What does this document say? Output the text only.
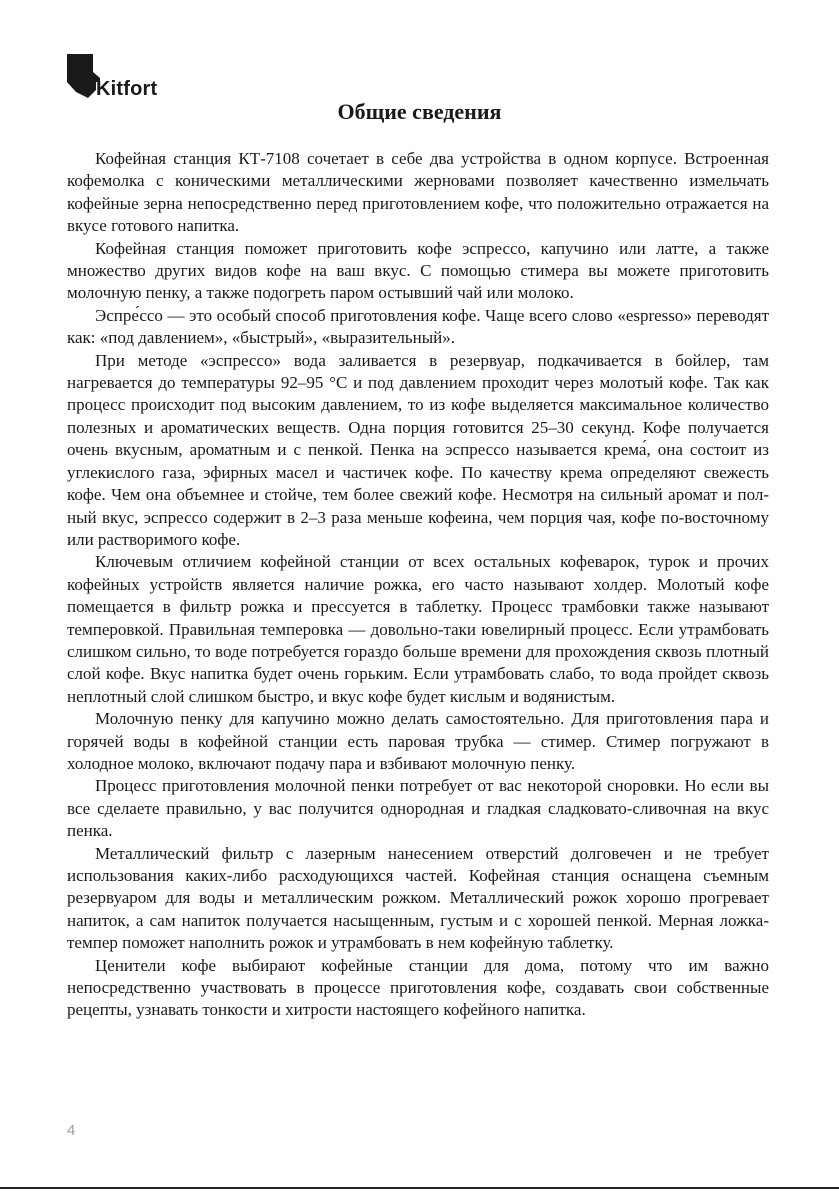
Kitfort
Общие сведения

Кофейная станция КТ-7108 сочетает в себе два устройства в одном корпусе. Встроенная кофемолка с коническими металлическими жерновами позволяет качественно измельчать кофейные зерна непосредственно перед приготовлением кофе, что положительно отражается на вкусе готового напитка.

Кофейная станция поможет приготовить кофе эспрессо, капучино или латте, а также множество других видов кофе на ваш вкус. С помощью стимера вы можете приготовить молочную пенку, а также подогреть паром остывший чай или молоко.

Эспре́ссо — это особый способ приготовления кофе. Чаще всего слово «espresso» переводят как: «под давлением», «быстрый», «выразительный».

При методе «эспрессо» вода заливается в резервуар, подкачивается в бойлер, там нагревается до температуры 92–95 °C и под давлением проходит через молотый кофе. Так как процесс происходит под высоким давлением, то из кофе выделяется максимальное количество полезных и ароматических веществ. Одна порция готовится 25–30 секунд. Кофе получается очень вкусным, ароматным и с пенкой. Пенка на эспрессо называется крема́, она состоит из углекислого газа, эфирных масел и частичек кофе. По качеству крема определяют свежесть кофе. Чем она объемнее и стойче, тем более свежий кофе. Несмотря на сильный аромат и полный вкус, эспрессо содержит в 2–3 раза меньше кофеина, чем порция чая, кофе по-восточному или растворимого кофе.

Ключевым отличием кофейной станции от всех остальных кофеварок, турок и прочих кофейных устройств является наличие рожка, его часто называют холдер. Молотый кофе помещается в фильтр рожка и прессуется в таблетку. Процесс трамбовки также называют темперовкой. Правильная темперовка — довольно-таки ювелирный процесс. Если утрамбовать слишком сильно, то воде потребуется гораздо больше времени для прохождения сквозь плотный слой кофе. Вкус напитка будет очень горьким. Если утрамбовать слабо, то вода пройдет сквозь неплотный слой слишком быстро, и вкус кофе будет кислым и водянистым.

Молочную пенку для капучино можно делать самостоятельно. Для приготовления пара и горячей воды в кофейной станции есть паровая трубка — стимер. Стимер погружают в холодное молоко, включают подачу пара и взбивают молочную пенку.

Процесс приготовления молочной пенки потребует от вас некоторой сноровки. Но если вы все сделаете правильно, у вас получится однородная и гладкая сладковато-сливочная на вкус пенка.

Металлический фильтр с лазерным нанесением отверстий долговечен и не требует использования каких-либо расходующихся частей. Кофейная станция оснащена съемным резервуаром для воды и металлическим рожком. Металлический рожок хорошо прогревает напиток, а сам напиток получается насыщенным, густым и с хорошей пенкой. Мерная ложка-темпер поможет наполнить рожок и утрамбовать в нем кофейную таблетку.

Ценители кофе выбирают кофейные станции для дома, потому что им важно непосредственно участвовать в процессе приготовления кофе, создавать свои собственные рецепты, узнавать тонкости и хитрости настоящего кофейного напитка.

4
